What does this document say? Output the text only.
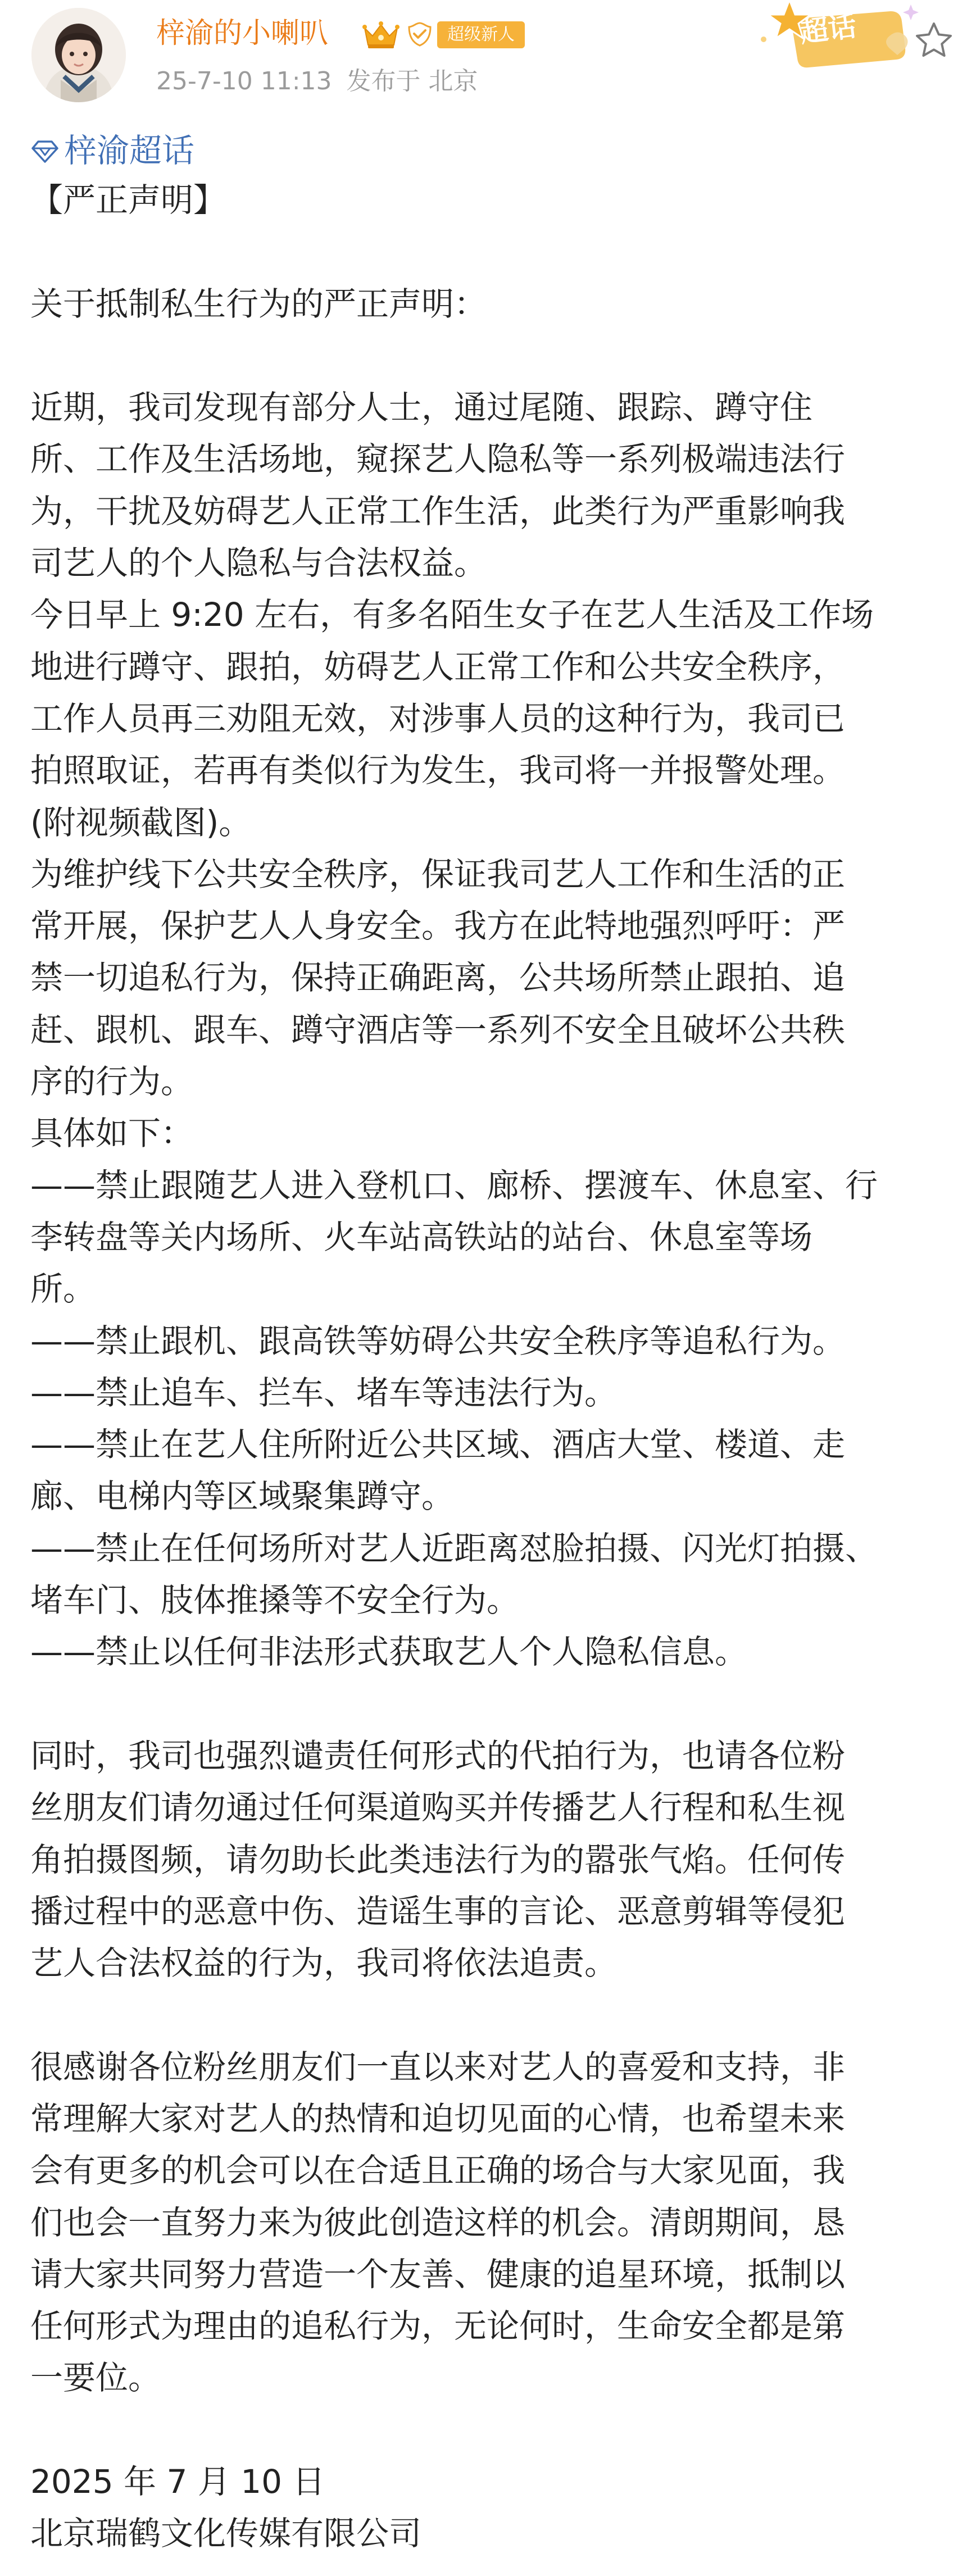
梓渝的小喇叭	超级新人
25-7-10 11:13 发布于 北京
超话
梓渝超话
【严正声明】
关于抵制私生行为的严正声明：
近期，我司发现有部分人士，通过尾随、跟踪、蹲守住
所、工作及生活场地，窥探艺人隐私等一系列极端违法行
为，干扰及妨碍艺人正常工作生活，此类行为严重影响我
司艺人的个人隐私与合法权益。
今日早上 9:20 左右，有多名陌生女子在艺人生活及工作场
地进行蹲守、跟拍，妨碍艺人正常工作和公共安全秩序，
工作人员再三劝阻无效，对涉事人员的这种行为，我司已
拍照取证，若再有类似行为发生，我司将一并报警处理。
(附视频截图)。
为维护线下公共安全秩序，保证我司艺人工作和生活的正
常开展，保护艺人人身安全。我方在此特地强烈呼吁：严
禁一切追私行为，保持正确距离，公共场所禁止跟拍、追
赶、跟机、跟车、蹲守酒店等一系列不安全且破坏公共秩
序的行为。
具体如下：
——禁止跟随艺人进入登机口、廊桥、摆渡车、休息室、行
李转盘等关内场所、火车站高铁站的站台、休息室等场
所。
——禁止跟机、跟高铁等妨碍公共安全秩序等追私行为。
——禁止追车、拦车、堵车等违法行为。
——禁止在艺人住所附近公共区域、酒店大堂、楼道、走
廊、电梯内等区域聚集蹲守。
——禁止在任何场所对艺人近距离怼脸拍摄、闪光灯拍摄、
堵车门、肢体推搡等不安全行为。
——禁止以任何非法形式获取艺人个人隐私信息。
同时，我司也强烈谴责任何形式的代拍行为，也请各位粉
丝朋友们请勿通过任何渠道购买并传播艺人行程和私生视
角拍摄图频，请勿助长此类违法行为的嚣张气焰。任何传
播过程中的恶意中伤、造谣生事的言论、恶意剪辑等侵犯
艺人合法权益的行为，我司将依法追责。
很感谢各位粉丝朋友们一直以来对艺人的喜爱和支持，非
常理解大家对艺人的热情和迫切见面的心情，也希望未来
会有更多的机会可以在合适且正确的场合与大家见面，我
们也会一直努力来为彼此创造这样的机会。清朗期间，恳
请大家共同努力营造一个友善、健康的追星环境，抵制以
任何形式为理由的追私行为，无论何时，生命安全都是第
一要位。
2025 年 7 月 10 日
北京瑞鹤文化传媒有限公司
